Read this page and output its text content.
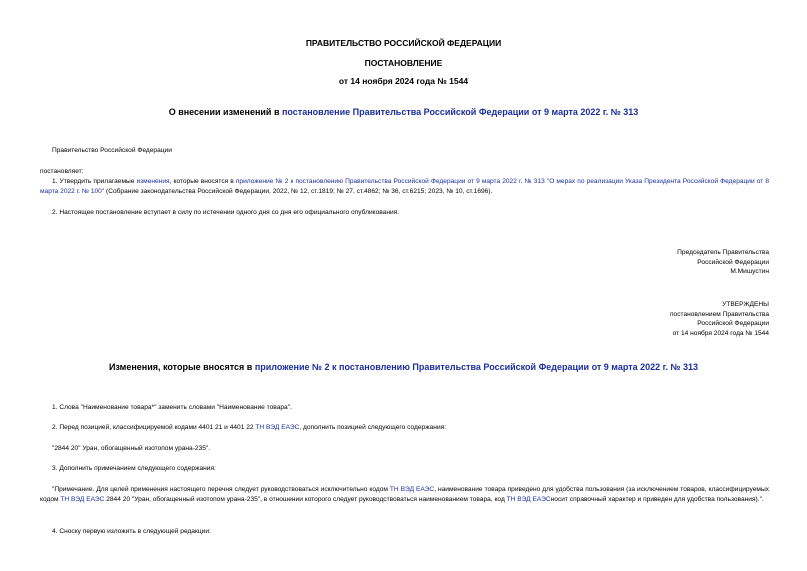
ПРАВИТЕЛЬСТВО РОССИЙСКОЙ ФЕДЕРАЦИИ
ПОСТАНОВЛЕНИЕ
от 14 ноября 2024 года № 1544
О внесении изменений в постановление Правительства Российской Федерации от 9 марта 2022 г. № 313
Правительство Российской Федерации
постановляет:
1. Утвердить прилагаемые изменения, которые вносятся в приложение № 2 к постановлению Правительства Российской Федерации от 9 марта 2022 г. № 313 "О мерах по реализации Указа Президента Российской Федерации от 8 марта 2022 г. № 100" (Собрание законодательства Российской Федерации, 2022, № 12, ст.1819; № 27, ст.4862; № 36, ст.6215; 2023, № 10, ст.1696).
2. Настоящее постановление вступает в силу по истечении одного дня со дня его официального опубликования.
Председатель Правительства
Российской Федерации
М.Мишустин
УТВЕРЖДЕНЫ
постановлением Правительства
Российской Федерации
от 14 ноября 2024 года № 1544
Изменения, которые вносятся в приложение № 2 к постановлению Правительства Российской Федерации от 9 марта 2022 г. № 313
1. Слова "Наименование товара*" заменить словами "Наименование товара".
2. Перед позицией, классифицируемой кодами 4401 21 и 4401 22 ТН ВЭД ЕАЭС, дополнить позицией следующего содержания:
"2844 20" Уран, обогащенный изотопом урана-235".
3. Дополнить примечанием следующего содержания:
"Примечание. Для целей применения настоящего перечня следует руководствоваться исключительно кодом ТН ВЭД ЕАЭС, наименование товара приведено для удобства пользования (за исключением товаров, классифицируемых кодом ТН ВЭД ЕАЭС 2844 20 "Уран, обогащенный изотопом урана-235", в отношении которого следует руководствоваться наименованием товара, код ТН ВЭД ЕАЭСносит справочный характер и приведен для удобства пользования).".
4. Сноску первую изложить в следующей редакции:
